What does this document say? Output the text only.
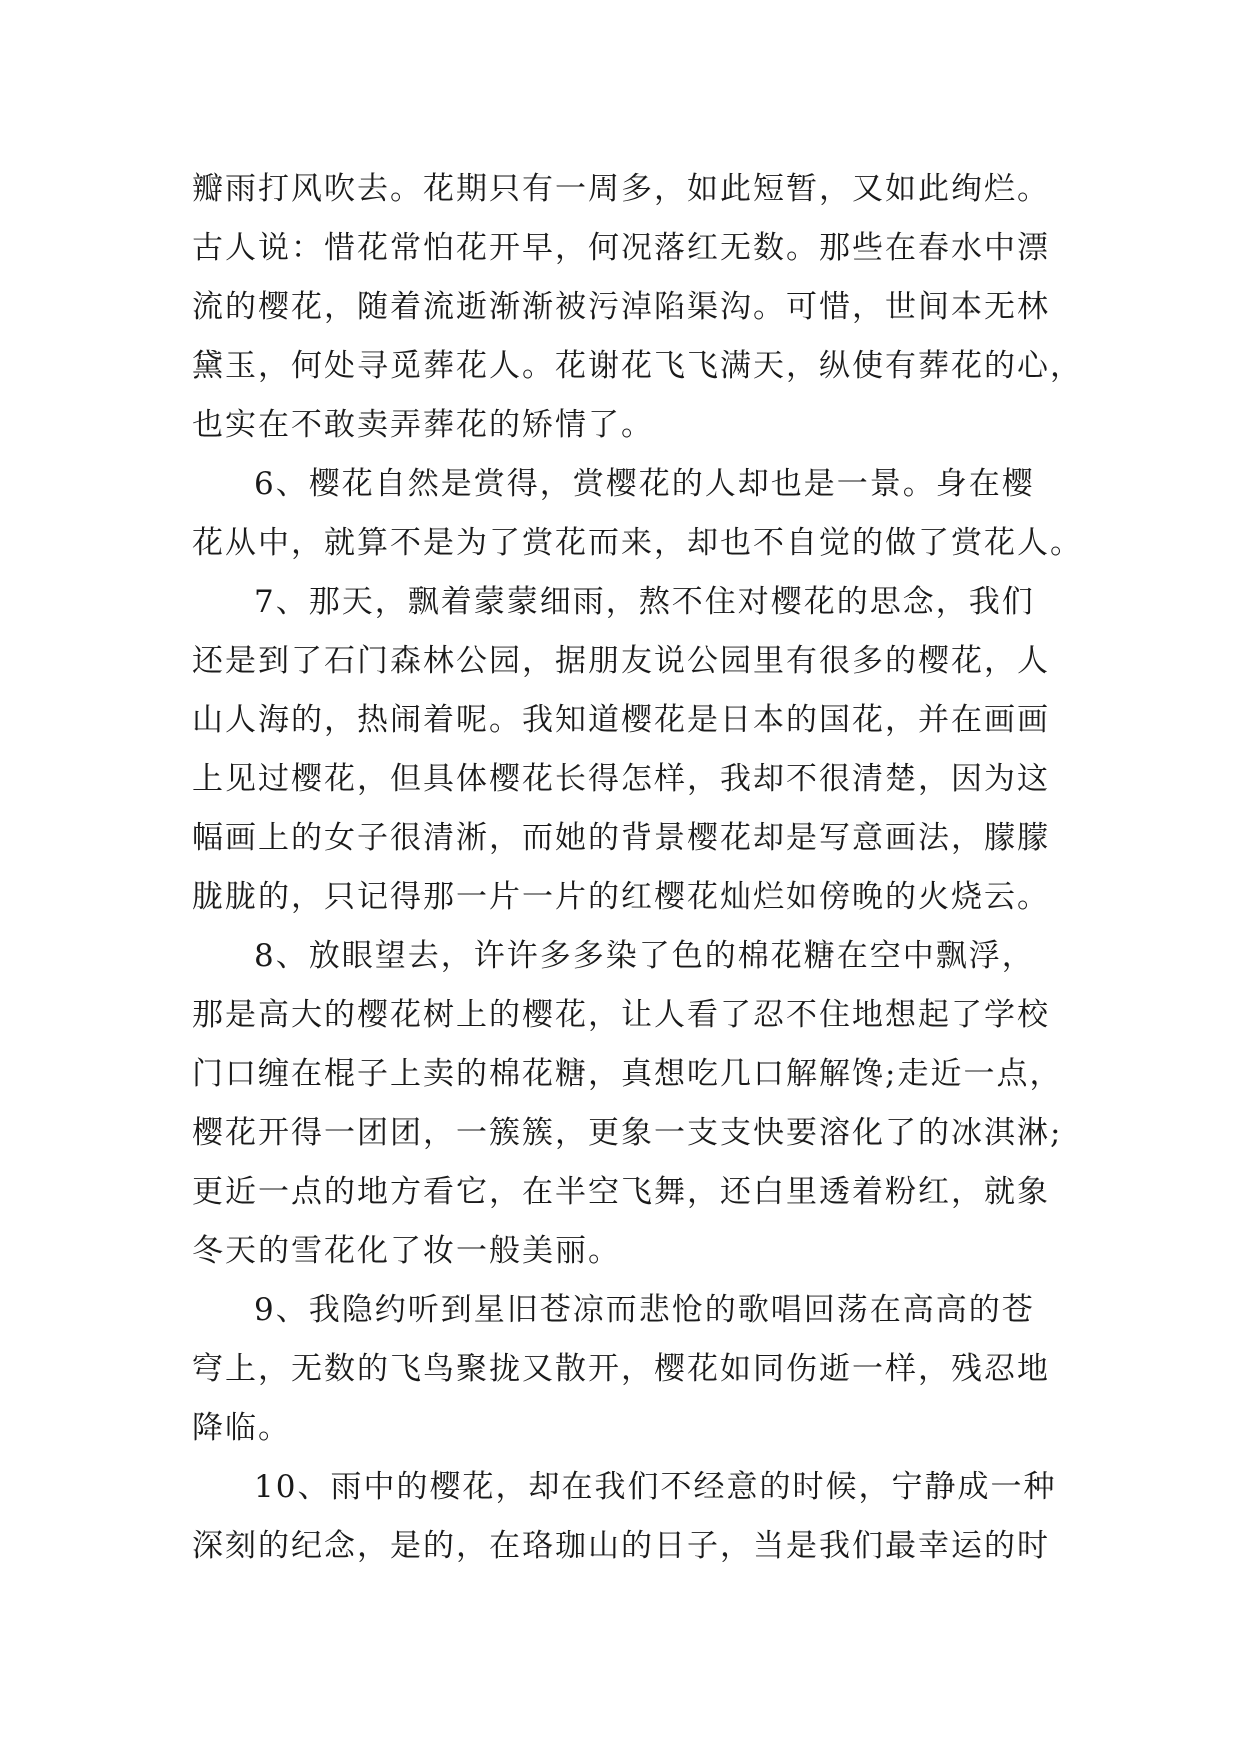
瓣雨打风吹去。花期只有一周多，如此短暂，又如此绚烂。
古人说：惜花常怕花开早，何况落红无数。那些在春水中漂
流的樱花，随着流逝渐渐被污淖陷渠沟。可惜，世间本无林
黛玉，何处寻觅葬花人。花谢花飞飞满天，纵使有葬花的心，
也实在不敢卖弄葬花的矫情了。
6、樱花自然是赏得，赏樱花的人却也是一景。身在樱
花从中，就算不是为了赏花而来，却也不自觉的做了赏花人。
7、那天，飘着蒙蒙细雨，熬不住对樱花的思念，我们
还是到了石门森林公园，据朋友说公园里有很多的樱花，人
山人海的，热闹着呢。我知道樱花是日本的国花，并在画画
上见过樱花，但具体樱花长得怎样，我却不很清楚，因为这
幅画上的女子很清淅，而她的背景樱花却是写意画法，朦朦
胧胧的，只记得那一片一片的红樱花灿烂如傍晚的火烧云。
8、放眼望去，许许多多染了色的棉花糖在空中飘浮，
那是高大的樱花树上的樱花，让人看了忍不住地想起了学校
门口缠在棍子上卖的棉花糖，真想吃几口解解馋;走近一点，
樱花开得一团团，一簇簇，更象一支支快要溶化了的冰淇淋;
更近一点的地方看它，在半空飞舞，还白里透着粉红，就象
冬天的雪花化了妆一般美丽。
9、我隐约听到星旧苍凉而悲怆的歌唱回荡在高高的苍
穹上，无数的飞鸟聚拢又散开，樱花如同伤逝一样，残忍地
降临。
10、雨中的樱花，却在我们不经意的时候，宁静成一种
深刻的纪念，是的，在珞珈山的日子，当是我们最幸运的时
